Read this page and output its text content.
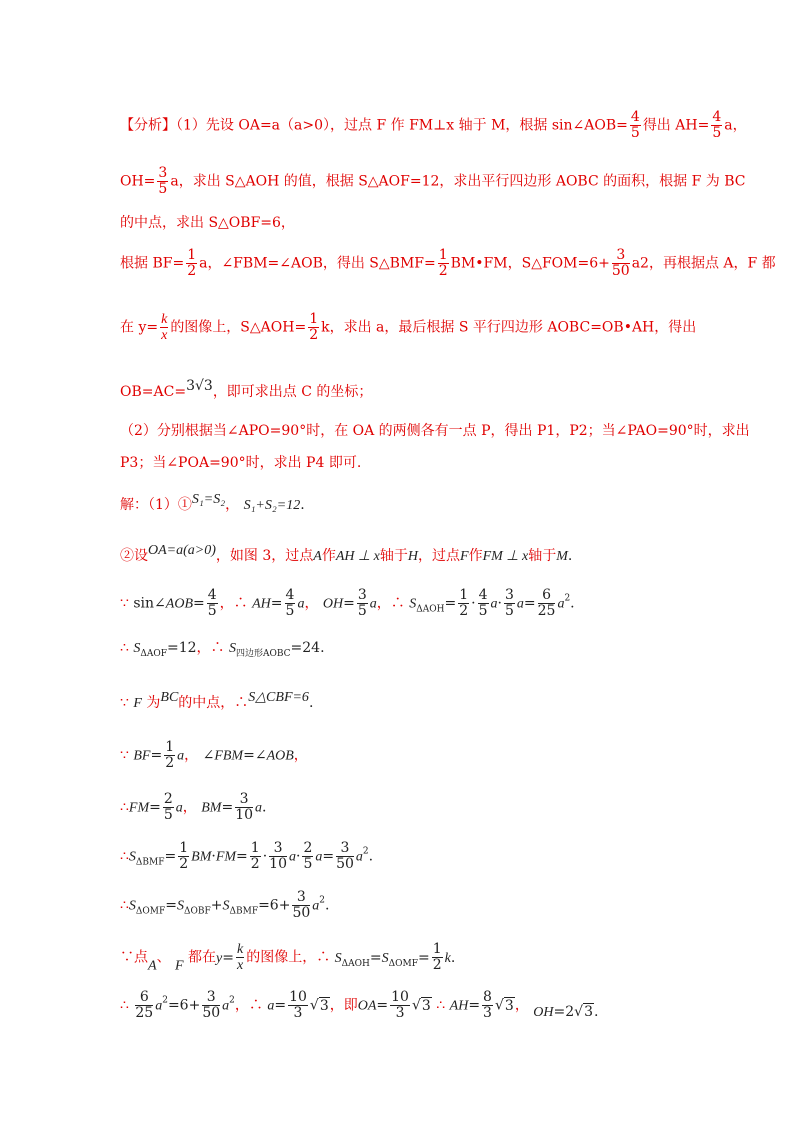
【分析】（1）先设 OA=a（a>0），过点 F 作 FM⊥x 轴于 M，根据 sin∠AOB= $\frac{4}{5}$ 得出 $AH= \frac{4}{5}$ a，
$OH= \frac{3}{5}$ a，求出 S△AOH 的值，根据 S△AOF=12，求出平行四边形 AOBC 的面积，根据 F 为 BC
的中点，求出 S△OBF=6，
根据 $BF= \frac{1}{2}$ a，∠FBM=∠AOB，得出 S△BMF= $\frac{1}{2}$ BM•FM，S△FOM=6+ $\frac{3}{50} a2$，再根据点 A，F 都
在 $y= \frac{k}{x}$ 的图像上，S△AOH= $\frac{1}{2}$ k，求出 a，最后根据 S 平行四边形 AOBC=OB•AH，得出
OB=AC=3√3，即可求出点 C 的坐标；
（2）分别根据当∠APO=90°时，在 OA 的两侧各有一点 P，得出 P1，P2；当∠PAO=90°时，求出
P3；当∠POA=90°时，求出 P4 即可.
解：（1）①S₁=S₂， S₁+S₂=12.
②设OA=a(a>0)，如图 3，过点A作AH ⊥ x轴于H，过点F作FM ⊥ x轴于M.
∵ sin∠AOB= $\frac{4}{5}$ ，∴ $AH= \frac{4}{5}$ a， $OH= \frac{3}{5}$ a，∴ $S_{\Delta AOH}= \frac{1}{2} \cdot \frac{4}{5} a\cdot \frac{3}{5} a= \frac{6}{25} a^2$.
∴ $S_{\Delta AOF}=12$，∴ $S_{四边形AOBC}=24$.
∵ F 为BC的中点，∴S△CBF=6.
∵ $BF= \frac{1}{2}$ a， ∠FBM=∠AOB，
∴FM= $\frac{2}{5}$ a， $BM= \frac{3}{10} a$.
$\therefore S_{\Delta BMF}= \frac{1}{2} BM\cdot FM= \frac{1}{2} \cdot \frac{3}{10} a\cdot \frac{2}{5} a= \frac{3}{50} a^2$.
$\therefore S_{\Delta OMF}=S_{\Delta OBF}+S_{\Delta BMF}=6+ \frac{3}{50} a^2$.
∵点A、 F 都在$y= \frac{k}{x}$ 的图像上，∴ $S_{\Delta AOH}=S_{\Delta OMF}= \frac{1}{2} k$.
∴ $\frac{6}{25} a^2=6+ \frac{3}{50} a^2$，∴ $a= \frac{10}{3} √3$，即$OA= \frac{10}{3} √3$ ∴ $AH= \frac{8}{3} √3$， OH=2√3.
